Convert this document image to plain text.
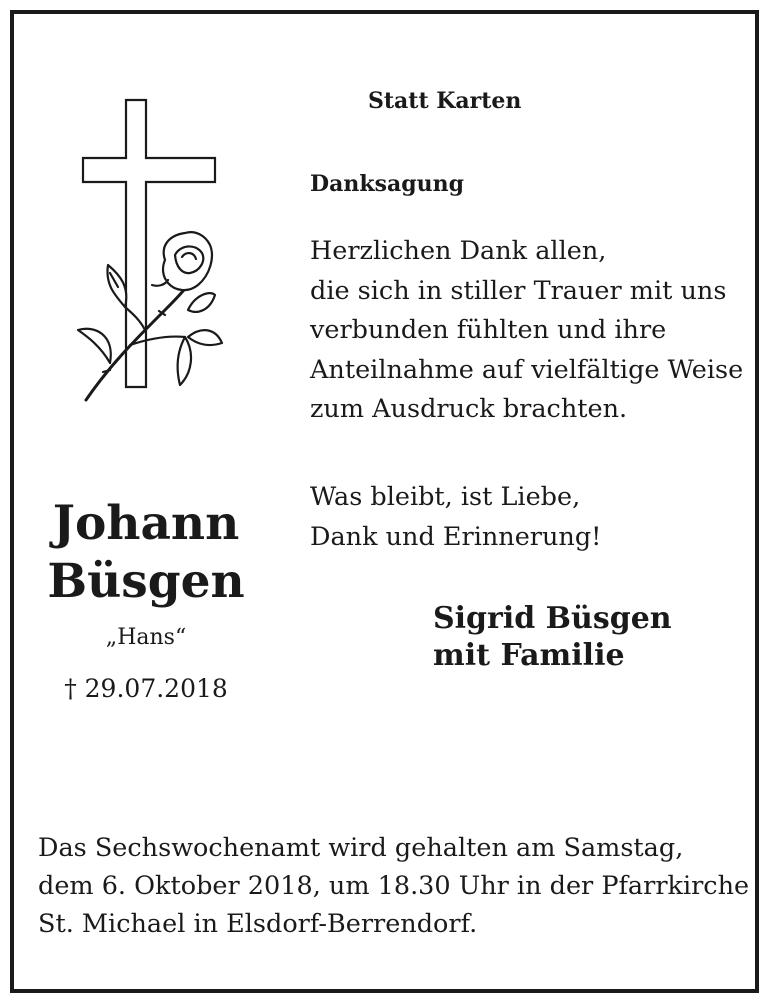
Statt Karten
Danksagung
Herzlichen Dank allen,
die sich in stiller Trauer mit uns
verbunden fühlten und ihre
Anteilnahme auf vielfältige Weise
zum Ausdruck brachten.
Was bleibt, ist Liebe,
Dank und Erinnerung!
Johann
Büsgen
„Hans“
† 29.07.2018
Sigrid Büsgen
mit Familie
Das Sechswochenamt wird gehalten am Samstag,
dem 6. Oktober 2018, um 18.30 Uhr in der Pfarrkirche
St. Michael in Elsdorf-Berrendorf.
